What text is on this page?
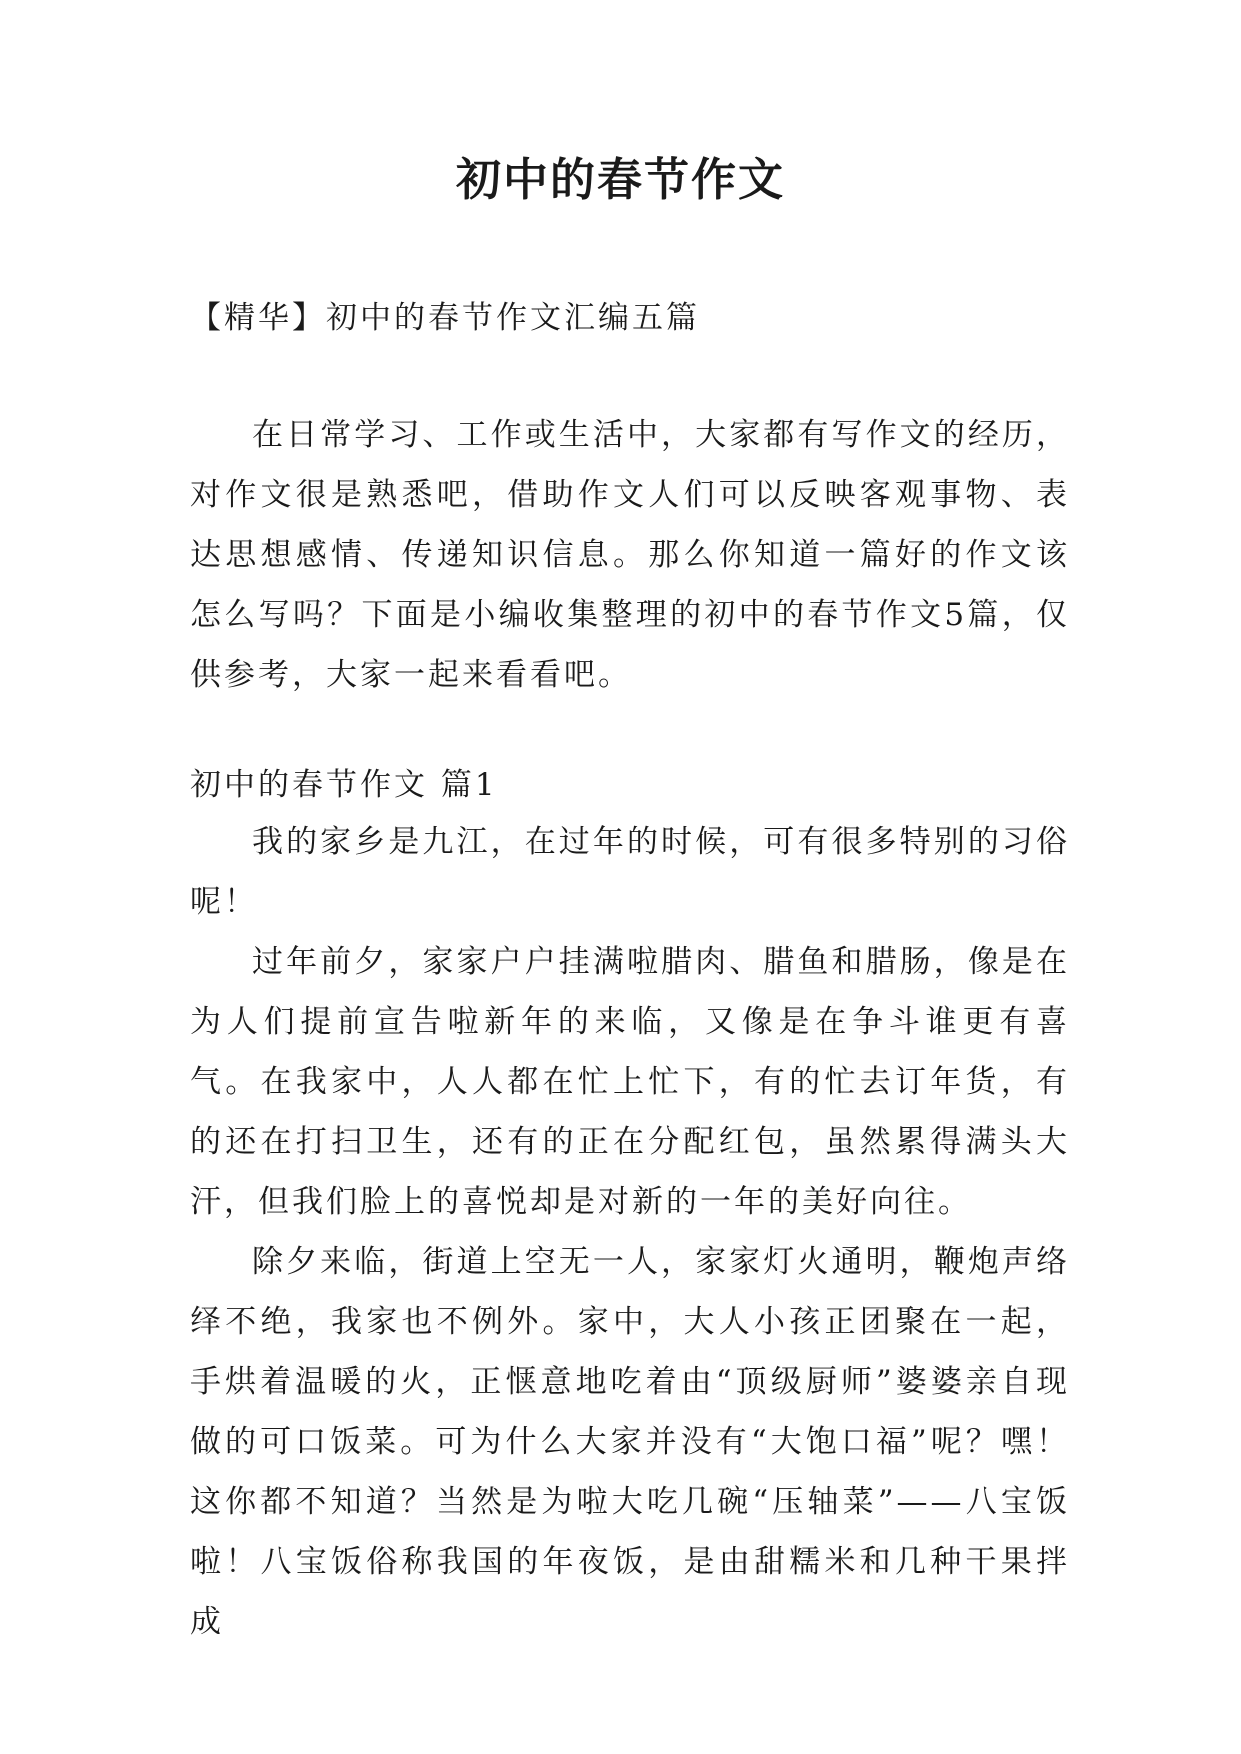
初中的春节作文

【精华】初中的春节作文汇编五篇

在日常学习、工作或生活中，大家都有写作文的经历，对作文很是熟悉吧，借助作文人们可以反映客观事物、表达思想感情、传递知识信息。那么你知道一篇好的作文该怎么写吗？下面是小编收集整理的初中的春节作文5篇，仅供参考，大家一起来看看吧。

初中的春节作文 篇1

我的家乡是九江，在过年的时候，可有很多特别的习俗呢！

过年前夕，家家户户挂满啦腊肉、腊鱼和腊肠，像是在为人们提前宣告啦新年的来临，又像是在争斗谁更有喜气。在我家中，人人都在忙上忙下，有的忙去订年货，有的还在打扫卫生，还有的正在分配红包，虽然累得满头大汗，但我们脸上的喜悦却是对新的一年的美好向往。

除夕来临，街道上空无一人，家家灯火通明，鞭炮声络绎不绝，我家也不例外。家中，大人小孩正团聚在一起，手烘着温暖的火，正惬意地吃着由“顶级厨师”婆婆亲自现做的可口饭菜。可为什么大家并没有“大饱口福”呢？嘿！这你都不知道？当然是为啦大吃几碗“压轴菜”——八宝饭啦！八宝饭俗称我国的年夜饭，是由甜糯米和几种干果拌成
